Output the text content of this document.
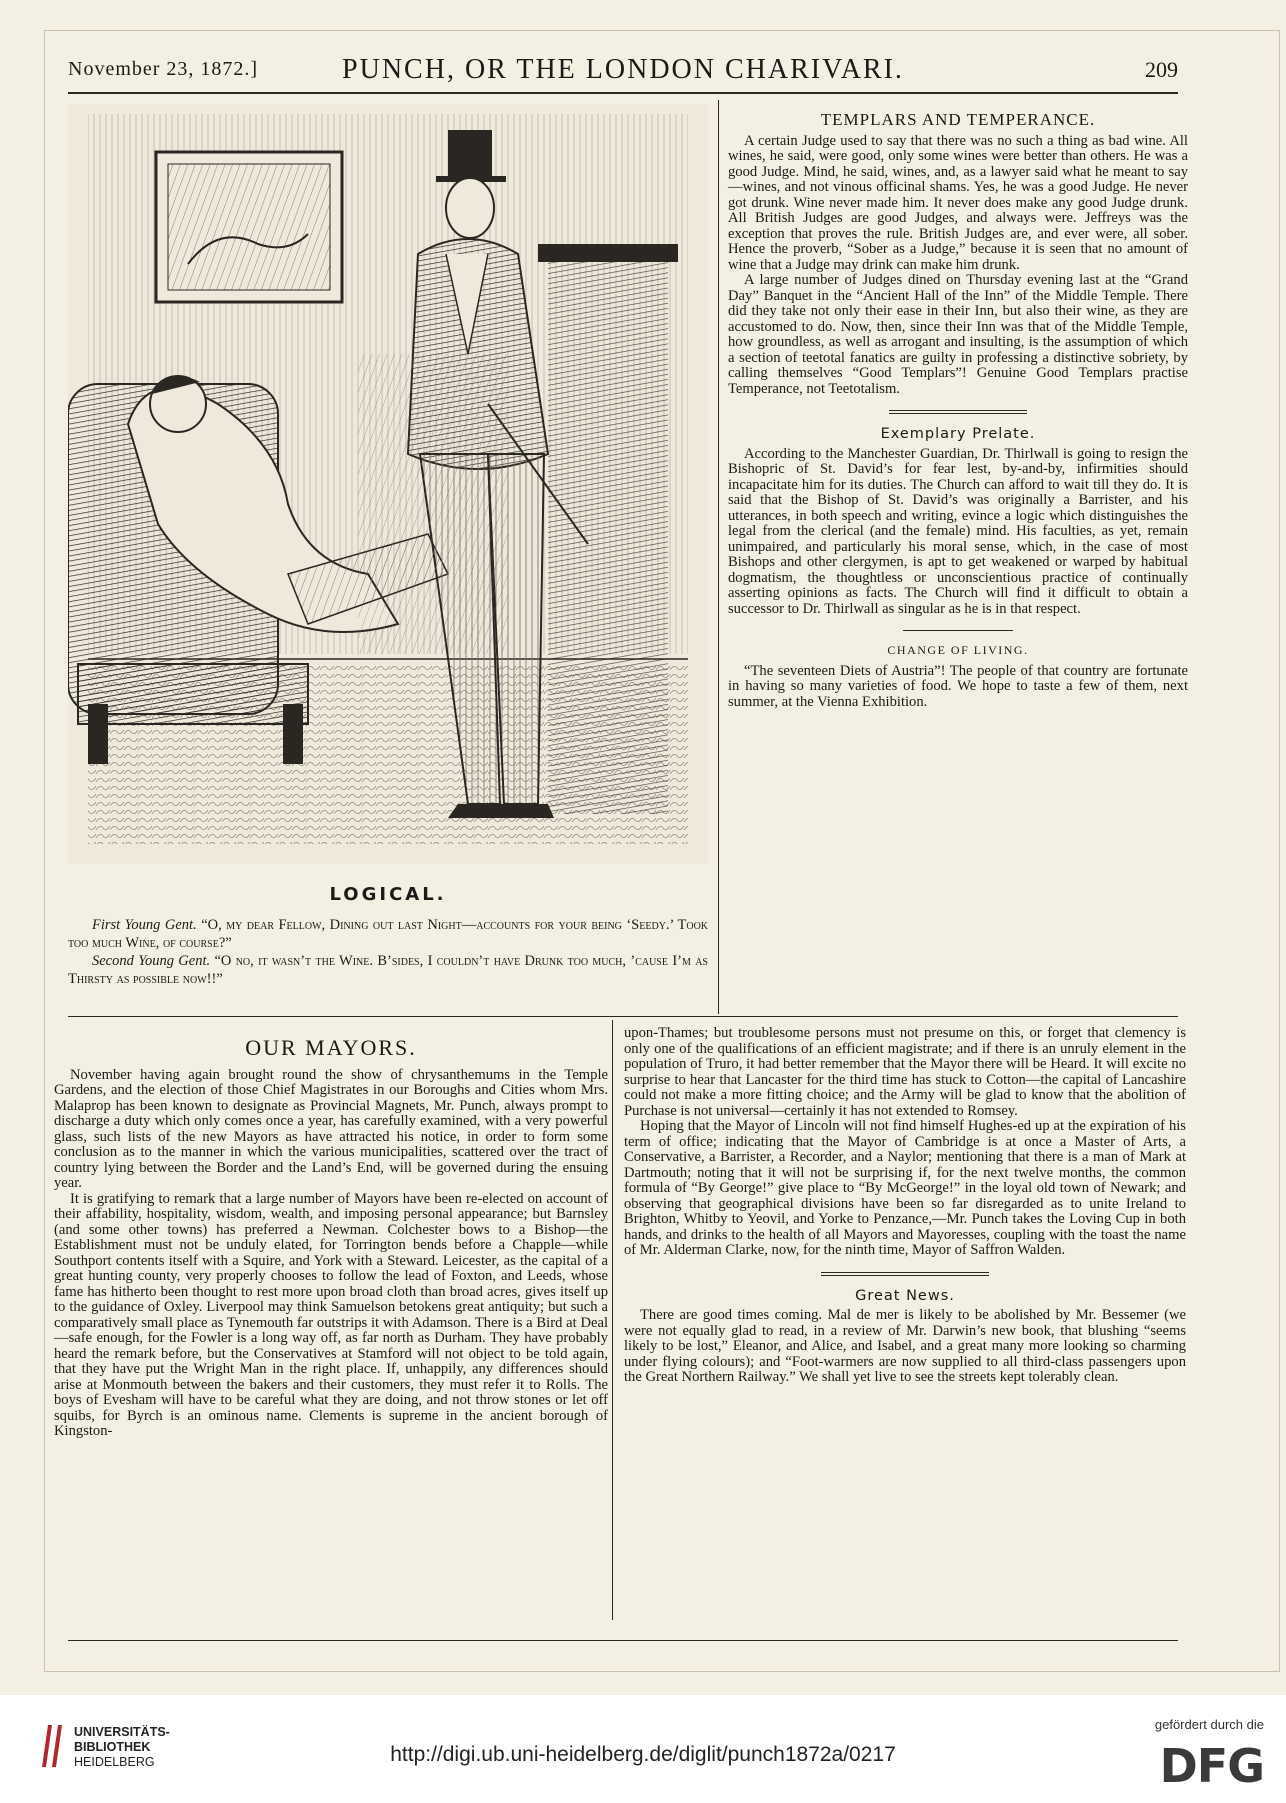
November 23, 1872.]	PUNCH, OR THE LONDON CHARIVARI.	209
LOGICAL.

First Young Gent. “O, my dear Fellow, Dining out last Night—accounts for your being ‘Seedy.’ Took too much Wine, of course?”

Second Young Gent. “O no, it wasn’t the Wine. B’sides, I couldn’t have Drunk too much, ’cause I’m as Thirsty as possible now!!”

TEMPLARS AND TEMPERANCE.

A certain Judge used to say that there was no such a thing as bad wine. All wines, he said, were good, only some wines were better than others. He was a good Judge. Mind, he said, wines, and, as a lawyer said what he meant to say—wines, and not vinous officinal shams. Yes, he was a good Judge. He never got drunk. Wine never made him. It never does make any good Judge drunk. All British Judges are good Judges, and always were. Jeffreys was the exception that proves the rule. British Judges are, and ever were, all sober. Hence the proverb, “Sober as a Judge,” because it is seen that no amount of wine that a Judge may drink can make him drunk.

A large number of Judges dined on Thursday evening last at the “Grand Day” Banquet in the “Ancient Hall of the Inn” of the Middle Temple. There did they take not only their ease in their Inn, but also their wine, as they are accustomed to do. Now, then, since their Inn was that of the Middle Temple, how groundless, as well as arrogant and insulting, is the assumption of which a section of teetotal fanatics are guilty in professing a distinctive sobriety, by calling themselves “Good Templars”! Genuine Good Templars practise Temperance, not Teetotalism.

Exemplary Prelate.

According to the Manchester Guardian, Dr. Thirlwall is going to resign the Bishopric of St. David’s for fear lest, by-and-by, infirmities should incapacitate him for its duties. The Church can afford to wait till they do. It is said that the Bishop of St. David’s was originally a Barrister, and his utterances, in both speech and writing, evince a logic which distinguishes the legal from the clerical (and the female) mind. His faculties, as yet, remain unimpaired, and particularly his moral sense, which, in the case of most Bishops and other clergymen, is apt to get weakened or warped by habitual dogmatism, the thoughtless or unconscientious practice of continually asserting opinions as facts. The Church will find it difficult to obtain a successor to Dr. Thirlwall as singular as he is in that respect.

CHANGE OF LIVING.

“The seventeen Diets of Austria”! The people of that country are fortunate in having so many varieties of food. We hope to taste a few of them, next summer, at the Vienna Exhibition.

OUR MAYORS.

November having again brought round the show of chrysanthemums in the Temple Gardens, and the election of those Chief Magistrates in our Boroughs and Cities whom Mrs. Malaprop has been known to designate as Provincial Magnets, Mr. Punch, always prompt to discharge a duty which only comes once a year, has carefully examined, with a very powerful glass, such lists of the new Mayors as have attracted his notice, in order to form some conclusion as to the manner in which the various municipalities, scattered over the tract of country lying between the Border and the Land’s End, will be governed during the ensuing year.

It is gratifying to remark that a large number of Mayors have been re-elected on account of their affability, hospitality, wisdom, wealth, and imposing personal appearance; but Barnsley (and some other towns) has preferred a Newman. Colchester bows to a Bishop—the Establishment must not be unduly elated, for Torrington bends before a Chapple—while Southport contents itself with a Squire, and York with a Steward. Leicester, as the capital of a great hunting county, very properly chooses to follow the lead of Foxton, and Leeds, whose fame has hitherto been thought to rest more upon broad cloth than broad acres, gives itself up to the guidance of Oxley. Liverpool may think Samuelson betokens great antiquity; but such a comparatively small place as Tynemouth far outstrips it with Adamson. There is a Bird at Deal—safe enough, for the Fowler is a long way off, as far north as Durham. They have probably heard the remark before, but the Conservatives at Stamford will not object to be told again, that they have put the Wright Man in the right place. If, unhappily, any differences should arise at Monmouth between the bakers and their customers, they must refer it to Rolls. The boys of Evesham will have to be careful what they are doing, and not throw stones or let off squibs, for Byrch is an ominous name. Clements is supreme in the ancient borough of Kingston-

upon-Thames; but troublesome persons must not presume on this, or forget that clemency is only one of the qualifications of an efficient magistrate; and if there is an unruly element in the population of Truro, it had better remember that the Mayor there will be Heard. It will excite no surprise to hear that Lancaster for the third time has stuck to Cotton—the capital of Lancashire could not make a more fitting choice; and the Army will be glad to know that the abolition of Purchase is not universal—certainly it has not extended to Romsey.

Hoping that the Mayor of Lincoln will not find himself Hughes-ed up at the expiration of his term of office; indicating that the Mayor of Cambridge is at once a Master of Arts, a Conservative, a Barrister, a Recorder, and a Naylor; mentioning that there is a man of Mark at Dartmouth; noting that it will not be surprising if, for the next twelve months, the common formula of “By George!” give place to “By McGeorge!” in the loyal old town of Newark; and observing that geographical divisions have been so far disregarded as to unite Ireland to Brighton, Whitby to Yeovil, and Yorke to Penzance,—Mr. Punch takes the Loving Cup in both hands, and drinks to the health of all Mayors and Mayoresses, coupling with the toast the name of Mr. Alderman Clarke, now, for the ninth time, Mayor of Saffron Walden.

Great News.

There are good times coming. Mal de mer is likely to be abolished by Mr. Bessemer (we were not equally glad to read, in a review of Mr. Darwin’s new book, that blushing “seems likely to be lost,” Eleanor, and Alice, and Isabel, and a great many more looking so charming under flying colours); and “Foot-warmers are now supplied to all third-class passengers upon the Great Northern Railway.” We shall yet live to see the streets kept tolerably clean.

UNIVERSITÄTS-
BIBLIOTHEK
HEIDELBERG	http://digi.ub.uni-heidelberg.de/diglit/punch1872a/0217
gefördert durch die
DFG
